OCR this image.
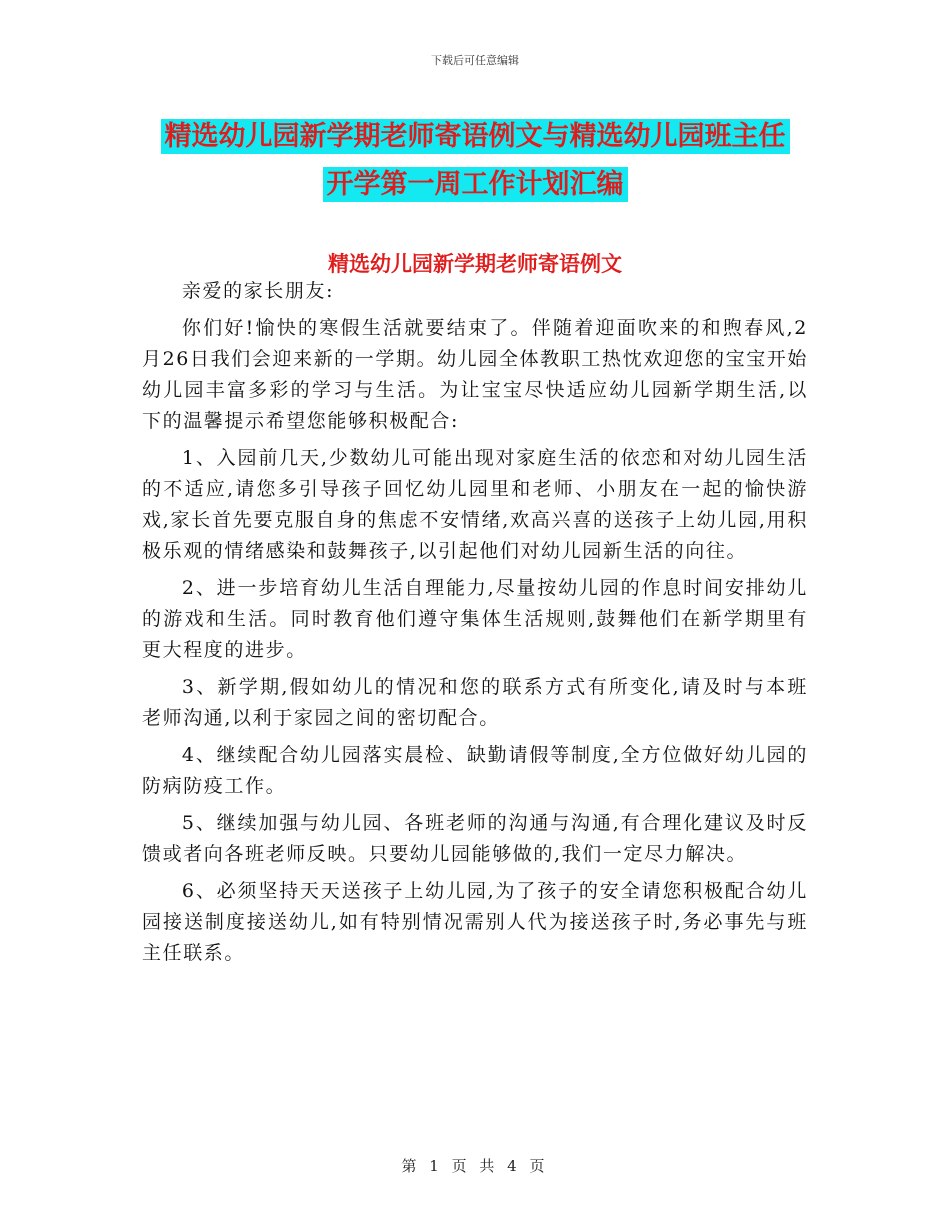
下载后可任意编辑
精选幼儿园新学期老师寄语例文与精选幼儿园班主任
开学第一周工作计划汇编
精选幼儿园新学期老师寄语例文

亲爱的家长朋友:

你们好!愉快的寒假生活就要结束了。伴随着迎面吹来的和煦春风,2月26日我们会迎来新的一学期。幼儿园全体教职工热忱欢迎您的宝宝开始幼儿园丰富多彩的学习与生活。为让宝宝尽快适应幼儿园新学期生活,以下的温馨提示希望您能够积极配合:

1、入园前几天,少数幼儿可能出现对家庭生活的依恋和对幼儿园生活的不适应,请您多引导孩子回忆幼儿园里和老师、小朋友在一起的愉快游戏,家长首先要克服自身的焦虑不安情绪,欢高兴喜的送孩子上幼儿园,用积极乐观的情绪感染和鼓舞孩子,以引起他们对幼儿园新生活的向往。

2、进一步培育幼儿生活自理能力,尽量按幼儿园的作息时间安排幼儿的游戏和生活。同时教育他们遵守集体生活规则,鼓舞他们在新学期里有更大程度的进步。

3、新学期,假如幼儿的情况和您的联系方式有所变化,请及时与本班老师沟通,以利于家园之间的密切配合。

4、继续配合幼儿园落实晨检、缺勤请假等制度,全方位做好幼儿园的防病防疫工作。

5、继续加强与幼儿园、各班老师的沟通与沟通,有合理化建议及时反馈或者向各班老师反映。只要幼儿园能够做的,我们一定尽力解决。

6、必须坚持天天送孩子上幼儿园,为了孩子的安全请您积极配合幼儿园接送制度接送幼儿,如有特别情况需别人代为接送孩子时,务必事先与班主任联系。

第 1 页 共 4 页
